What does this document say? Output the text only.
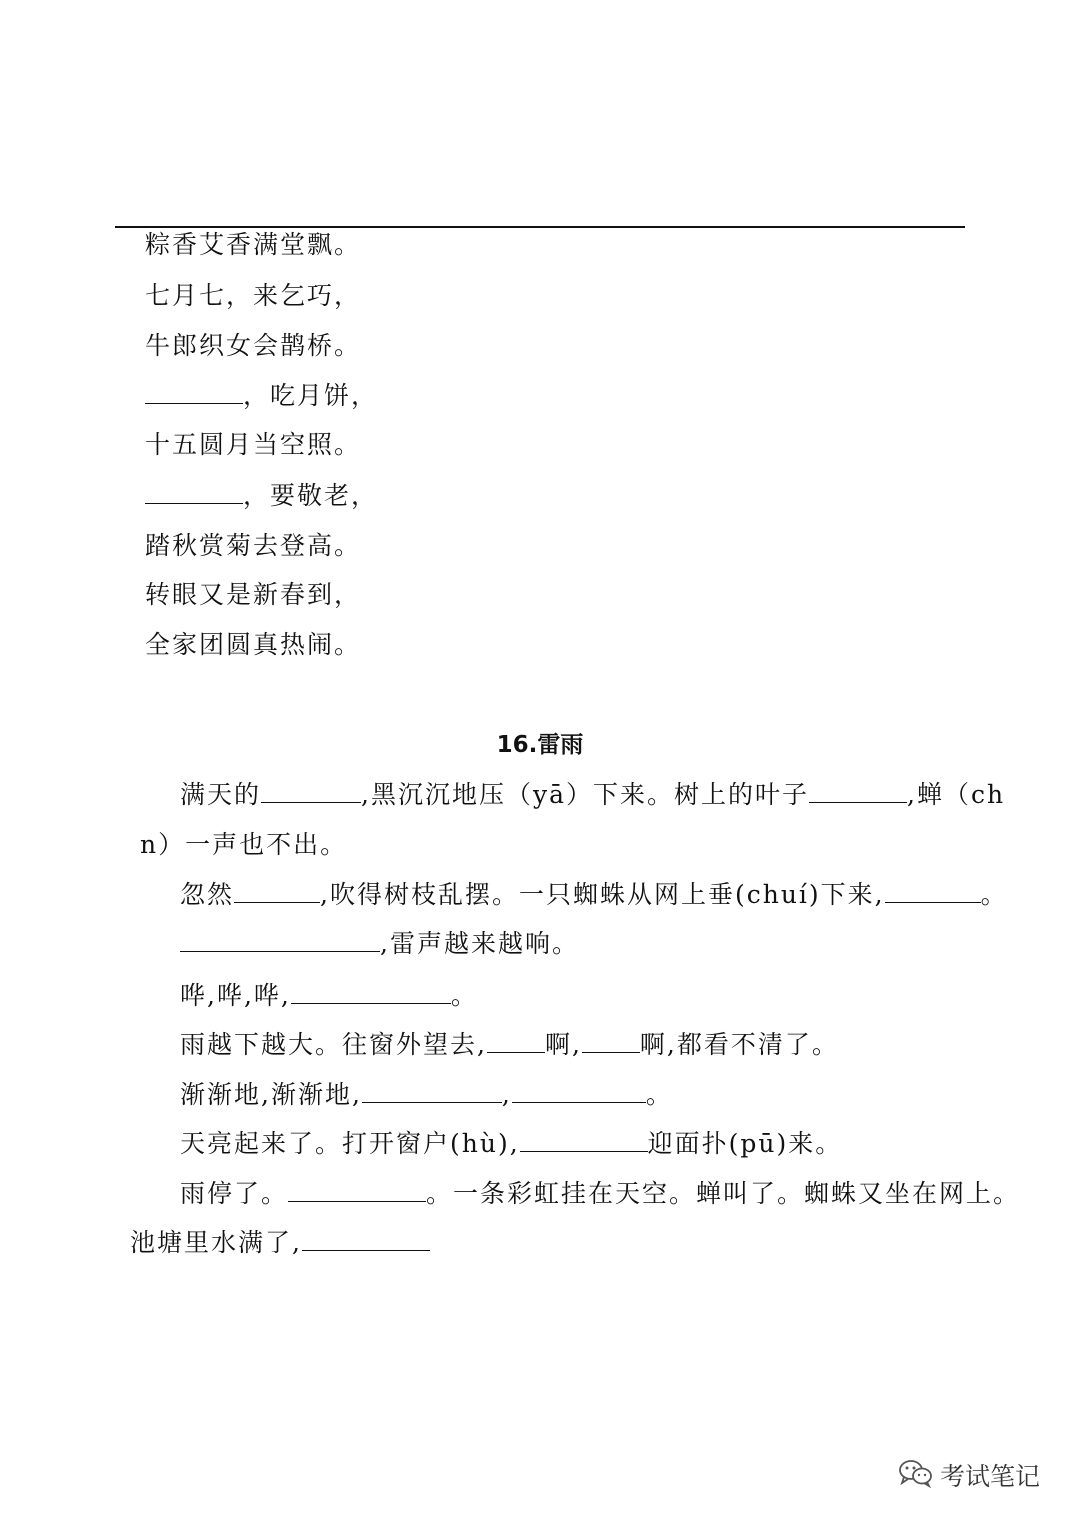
粽香艾香满堂飘。
七月七，来乞巧，
牛郎织女会鹊桥。
，吃月饼，
十五圆月当空照。
，要敬老，
踏秋赏菊去登高。
转眼又是新春到，
全家团圆真热闹。
16.雷雨
满天的	,黑沉沉地压（yā）下来。树上的叶子	,蝉（ch
n）一声也不出。
忽然	,吹得树枝乱摆。一只蜘蛛从网上垂(chuí)下来,	。
,雷声越来越响。
哗,哗,哗,	。
雨越下越大。往窗外望去, 啊, 啊,都看不清了。
渐渐地,渐渐地,	,	。
天亮起来了。打开窗户(hù),	迎面扑(pū)来。
雨停了。	。一条彩虹挂在天空。蝉叫了。蜘蛛又坐在网上。
池塘里水满了,
考试笔记
